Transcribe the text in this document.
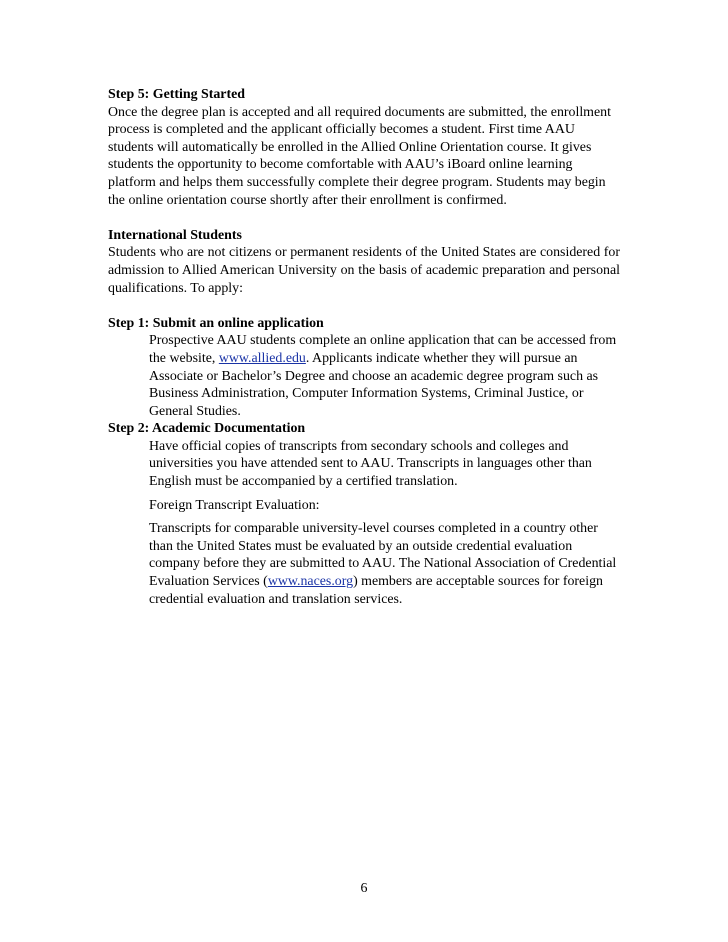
Step 5: Getting Started

Once the degree plan is accepted and all required documents are submitted, the enrollment process is completed and the applicant officially becomes a student. First time AAU students will automatically be enrolled in the Allied Online Orientation course. It gives students the opportunity to become comfortable with AAU’s iBoard online learning platform and helps them successfully complete their degree program. Students may begin the online orientation course shortly after their enrollment is confirmed.

International Students

Students who are not citizens or permanent residents of the United States are considered for admission to Allied American University on the basis of academic preparation and personal qualifications. To apply:

Step 1: Submit an online application

Prospective AAU students complete an online application that can be accessed from the website, www.allied.edu. Applicants indicate whether they will pursue an Associate or Bachelor’s Degree and choose an academic degree program such as Business Administration, Computer Information Systems, Criminal Justice, or General Studies.

Step 2: Academic Documentation

Have official copies of transcripts from secondary schools and colleges and universities you have attended sent to AAU. Transcripts in languages other than English must be accompanied by a certified translation.

Foreign Transcript Evaluation:

Transcripts for comparable university-level courses completed in a country other than the United States must be evaluated by an outside credential evaluation company before they are submitted to AAU. The National Association of Credential Evaluation Services (www.naces.org) members are acceptable sources for foreign credential evaluation and translation services.

6
